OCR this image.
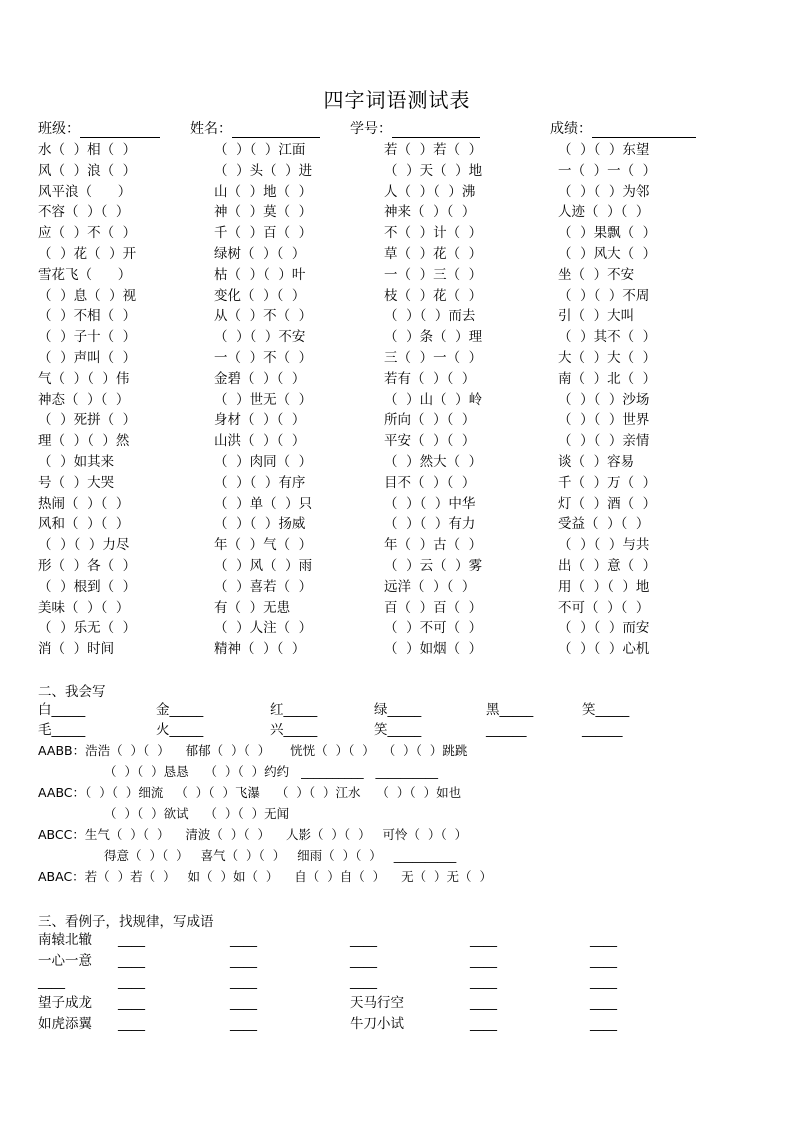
四字词语测试表
班级：	姓名：	学号：	成绩：
水（  ）相（  ）	（  ）（  ）江面	若（  ）若（  ）	（  ）（  ）东望
风（  ）浪（  ）	（  ）头（  ）进	（  ）天（  ）地	一（  ）一（  ）
风平浪（      ）	山（  ）地（  ）	人（  ）（  ）沸	（  ）（  ）为邻
不容（  ）（  ）	神（  ）莫（  ）	神来（  ）（  ）	人迹（  ）（  ）
应（  ）不（  ）	千（  ）百（  ）	不（  ）计（  ）	（  ）果飘（  ）
（  ）花（  ）开	绿树（  ）（  ）	草（  ）花（  ）	（  ）风大（  ）
雪花飞（      ）	枯（  ）（  ）叶	一（  ）三（  ）	坐（  ）不安
（  ）息（  ）视	变化（  ）（  ）	枝（  ）花（  ）	（  ）（  ）不周
（  ）不相（  ）	从（  ）不（  ）	（  ）（  ）而去	引（  ）大叫
（  ）子十（  ）	（  ）（  ）不安	（  ）条（  ）理	（  ）其不（  ）
（  ）声叫（  ）	一（  ）不（  ）	三（  ）一（  ）	大（  ）大（  ）
气（  ）（  ）伟	金碧（  ）（  ）	若有（  ）（  ）	南（  ）北（  ）
神态（  ）（  ）	（  ）世无（  ）	（  ）山（  ）岭	（  ）（  ）沙场
（  ）死拼（  ）	身材（  ）（  ）	所向（  ）（  ）	（  ）（  ）世界
理（  ）（  ）然	山洪（  ）（  ）	平安（  ）（  ）	（  ）（  ）亲情
（  ）如其来	（  ）肉同（  ）	（  ）然大（  ）	谈（  ）容易
号（  ）大哭	（  ）（  ）有序	目不（  ）（  ）	千（  ）万（  ）
热闹（  ）（  ）	（  ）单（  ）只	（  ）（  ）中华	灯（  ）酒（  ）
风和（  ）（  ）	（  ）（  ）扬威	（  ）（  ）有力	受益（  ）（  ）
（  ）（  ）力尽	年（  ）气（  ）	年（  ）古（  ）	（  ）（  ）与共
形（  ）各（  ）	（  ）风（  ）雨	（  ）云（  ）雾	出（  ）意（  ）
（  ）根到（  ）	（  ）喜若（  ）	远洋（  ）（  ）	用（  ）（  ）地
美味（  ）（  ）	有（  ）无患	百（  ）百（  ）	不可（  ）（  ）
（  ）乐无（  ）	（  ）人注（  ）	（  ）不可（  ）	（  ）（  ）而安
消（  ）时间	精神（  ）（  ）	（  ）如烟（  ）	（  ）（  ）心机
二、我会写
白_____	金_____	红_____	绿_____	黑_____	笑_____
毛_____	火_____	兴_____	笑_____	______	______
AABB：浩浩（  ）（  ）    郁郁（  ）（  ）     恍恍（  ）（  ）  （  ）（  ）跳跳
（  ）（  ）恳恳    （  ）（  ）约约   __________   __________
AABC：（  ）（  ）细流   （  ）（  ）飞瀑    （  ）（  ）江水    （  ）（  ）如也
（  ）（  ）欲试    （  ）（  ）无闻
ABCC：生气（  ）（  ）    清波（  ）（  ）    人影（  ）（  ）   可怜（  ）（  ）
得意（  ）（  ）   喜气（  ）（  ）   细雨（  ）（  ）   __________
ABAC：若（  ）若（  ）   如（  ）如（  ）    自（  ）自（  ）    无（  ）无（  ）
三、看例子，找规律，写成语
南辕北辙 ____	____	____	____	____
一心一意 ____	____	____	____	____
____	____	____	____	____	____
望子成龙 ____	____	天马行空	____	____
如虎添翼 ____	____	牛刀小试	____	____
